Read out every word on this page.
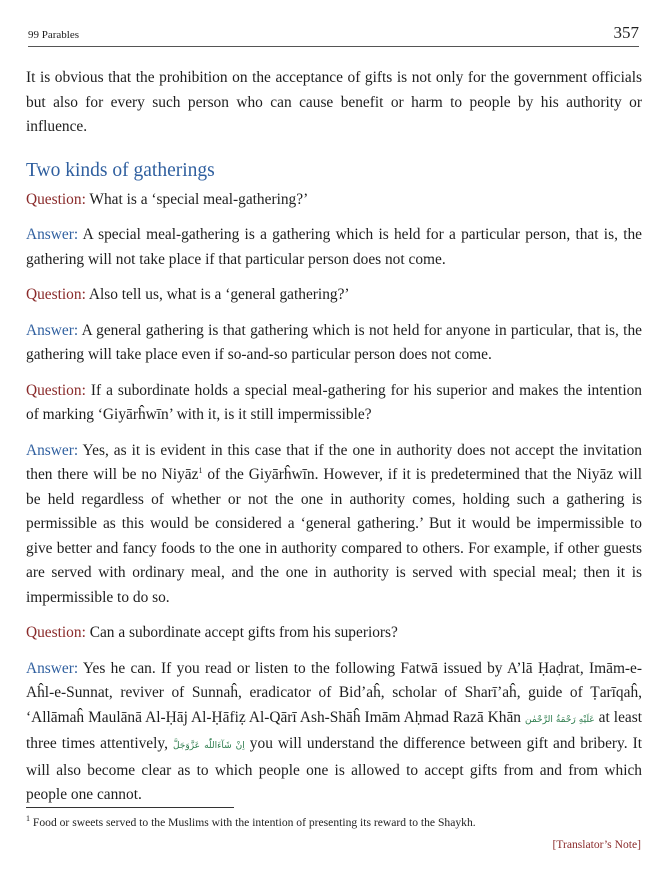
99 Parables	357

It is obvious that the prohibition on the acceptance of gifts is not only for the government officials but also for every such person who can cause benefit or harm to people by his authority or influence.

Two kinds of gatherings

Question: What is a ‘special meal-gathering?’

Answer: A special meal-gathering is a gathering which is held for a particular person, that is, the gathering will not take place if that particular person does not come.

Question: Also tell us, what is a ‘general gathering?’

Answer: A general gathering is that gathering which is not held for anyone in particular, that is, the gathering will take place even if so-and-so particular person does not come.

Question: If a subordinate holds a special meal-gathering for his superior and makes the intention of marking ‘Giyārĥwīn’ with it, is it still impermissible?

Answer: Yes, as it is evident in this case that if the one in authority does not accept the invitation then there will be no Niyāz$^1$ of the Giyārĥwīn. However, if it is predetermined that the Niyāz will be held regardless of whether or not the one in authority comes, holding such a gathering is permissible as this would be considered a ‘general gathering.’ But it would be impermissible to give better and fancy foods to the one in authority compared to others. For example, if other guests are served with ordinary meal, and the one in authority is served with special meal; then it is impermissible to do so.

Question: Can a subordinate accept gifts from his superiors?

Answer: Yes he can. If you read or listen to the following Fatwā issued by A’lā Ḥaḍrat, Imām-e-Aĥl-e-Sunnat, reviver of Sunnaĥ, eradicator of Bid’aĥ, scholar of Sharī’aĥ, guide of Ṭarīqaĥ, ‘Allāmaĥ Maulānā Al-Ḥāj Al-Ḥāfiẓ Al-Qārī Ash-Shāĥ Imām Aḥmad Razā Khān عَلَيْهِ رَحْمَةُ الرَّحْمٰن at least three times attentively, اِنْ شَآءَاللّٰه عَزَّوَجَلَّ you will understand the difference between gift and bribery. It will also become clear as to which people one is allowed to accept gifts from and from which people one cannot.

$^1$ Food or sweets served to the Muslims with the intention of presenting its reward to the Shaykh.
[Translator’s Note]
